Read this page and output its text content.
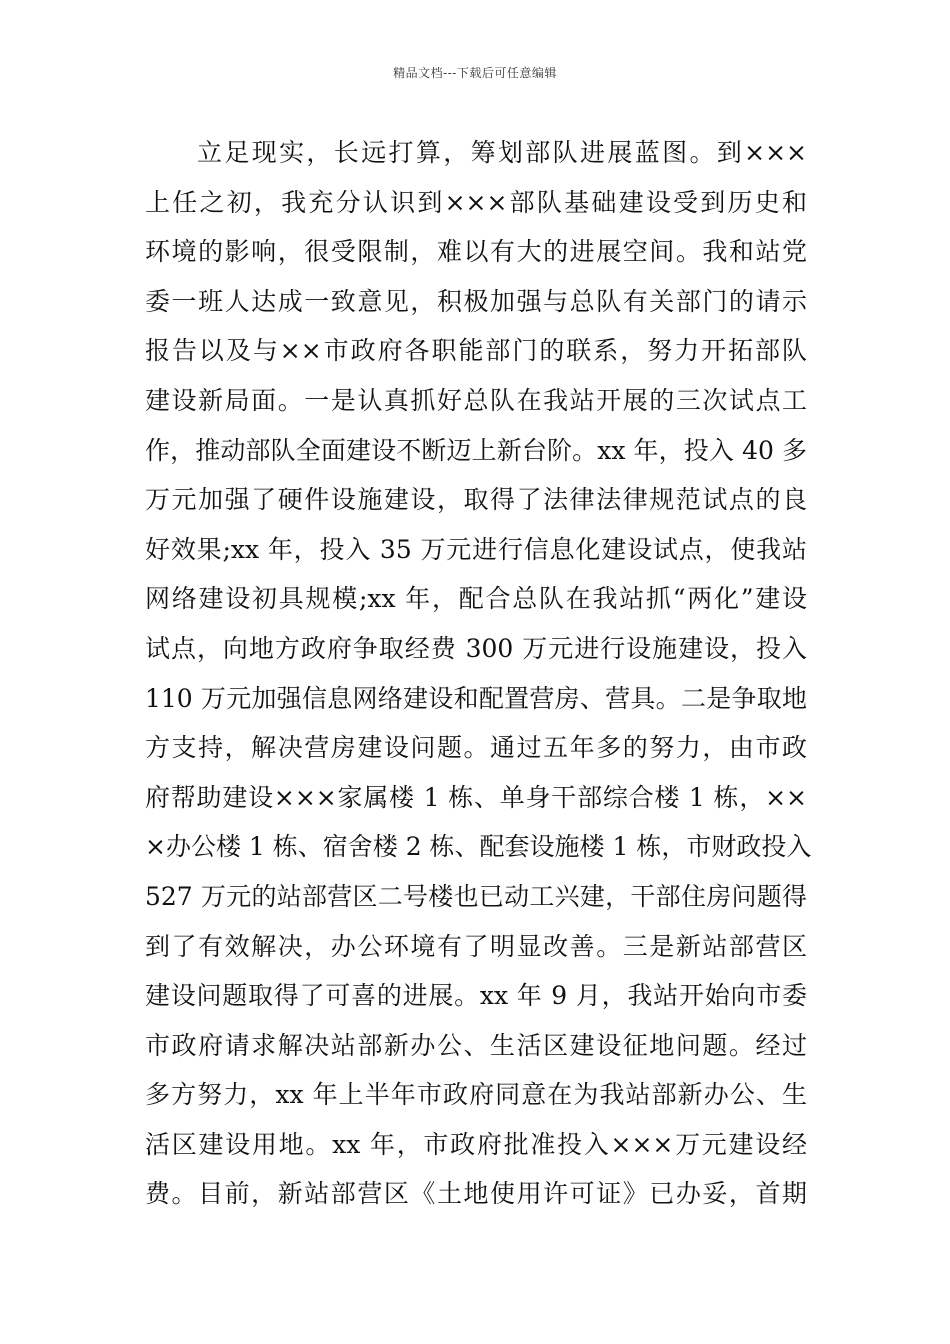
精品文档---下载后可任意编辑
立足现实，长远打算，筹划部队进展蓝图。到×××
上任之初，我充分认识到×××部队基础建设受到历史和
环境的影响，很受限制，难以有大的进展空间。我和站党
委一班人达成一致意见，积极加强与总队有关部门的请示
报告以及与××市政府各职能部门的联系，努力开拓部队
建设新局面。一是认真抓好总队在我站开展的三次试点工
作，推动部队全面建设不断迈上新台阶。xx 年，投入 40 多
万元加强了硬件设施建设，取得了法律法律规范试点的良
好效果;xx 年，投入 35 万元进行信息化建设试点，使我站
网络建设初具规模;xx 年，配合总队在我站抓“两化”建设
试点，向地方政府争取经费 300 万元进行设施建设，投入
110 万元加强信息网络建设和配置营房、营具。二是争取地
方支持，解决营房建设问题。通过五年多的努力，由市政
府帮助建设×××家属楼 1 栋、单身干部综合楼 1 栋，××
×办公楼 1 栋、宿舍楼 2 栋、配套设施楼 1 栋，市财政投入
527 万元的站部营区二号楼也已动工兴建，干部住房问题得
到了有效解决，办公环境有了明显改善。三是新站部营区
建设问题取得了可喜的进展。xx 年 9 月，我站开始向市委
市政府请求解决站部新办公、生活区建设征地问题。经过
多方努力，xx 年上半年市政府同意在为我站部新办公、生
活区建设用地。xx 年，市政府批准投入×××万元建设经
费。目前，新站部营区《土地使用许可证》已办妥，首期
